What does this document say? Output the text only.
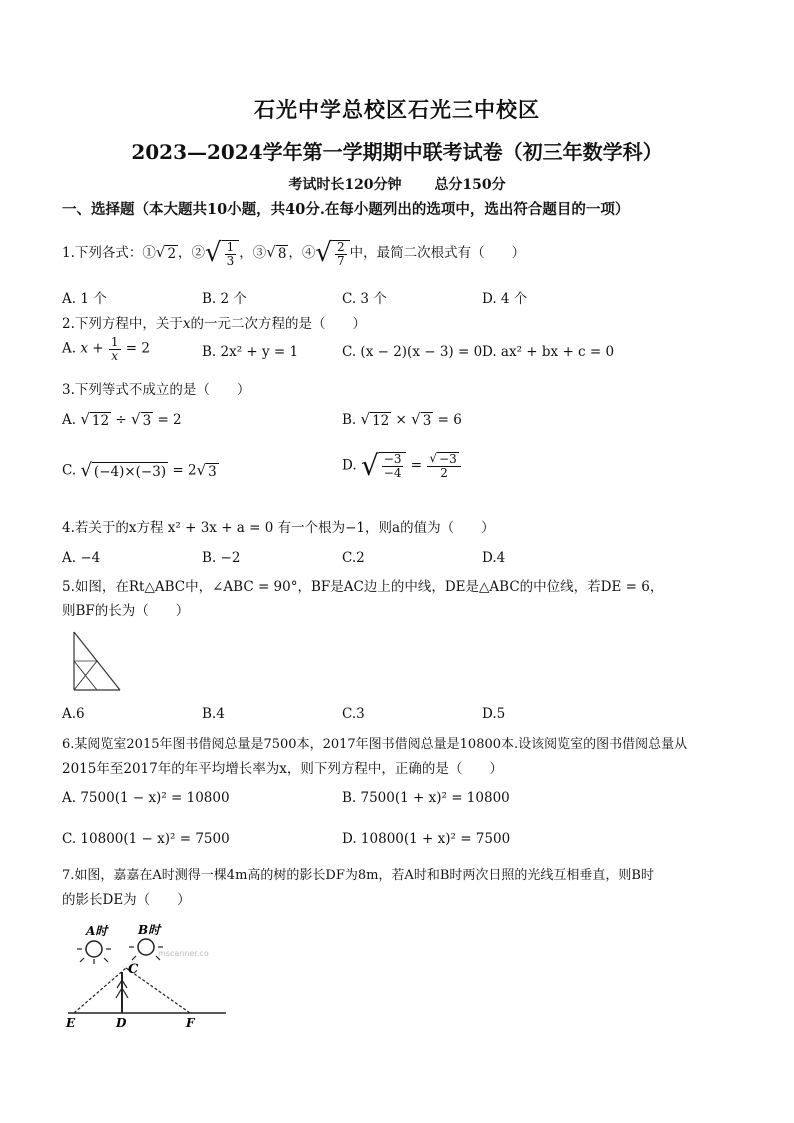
石光中学总校区石光三中校区
2023—2024学年第一学期期中联考试卷（初三年数学科）
考试时长120分钟 总分150分
一、选择题（本大题共10小题，共40分.在每小题列出的选项中，选出符合题目的一项）
1.下列各式：① √ 2 ，② √ $\frac{1}{3}$ ，③ √ 8 ，④ √ $\frac{2}{7}$ 中，最简二次根式有（　　）
A. 1 个	B. 2 个	C. 3 个	D. 4 个
2.下列方程中，关于x的一元二次方程的是（　　）
A. $x + \frac{1}{x} = 2$	B. 2x² + y = 1	C. (x − 2)(x − 3) = 0 D. ax² + bx + c = 0
3.下列等式不成立的是（　　）
A. √ 12 ÷ √ 3 = 2	B. √ 12 × √ 3 = 6
C. √ (−4)×(−3) = 2 √ 3	D. √ $\frac{-3}{-4} = \frac{√ -3}{2}$
4.若关于的x方程 x² + 3x + a = 0 有一个根为−1，则a的值为（　　）
A. −4	B. −2	C.2	D.4
5.如图，在Rt△ABC中，∠ABC = 90°，BF是AC边上的中线，DE是△ABC的中位线，若DE = 6，
则BF的长为（　　）
A.6	B.4	C.3	D.5
6.某阅览室2015年图书借阅总量是7500本，2017年图书借阅总量是10800本.设该阅览室的图书借阅总量从
2015年至2017年的年平均增长率为x，则下列方程中，正确的是（　　）
A. 7500(1 − x)² = 10800	B. 7500(1 + x)² = 10800
C. 10800(1 − x)² = 7500	D. 10800(1 + x)² = 7500
7.如图，嘉嘉在A时测得一棵4m高的树的影长DF为8m，若A时和B时两次日照的光线互相垂直，则B时
的影长DE为（　　）
A时	B时
mscanner.co
C
E	D	F
